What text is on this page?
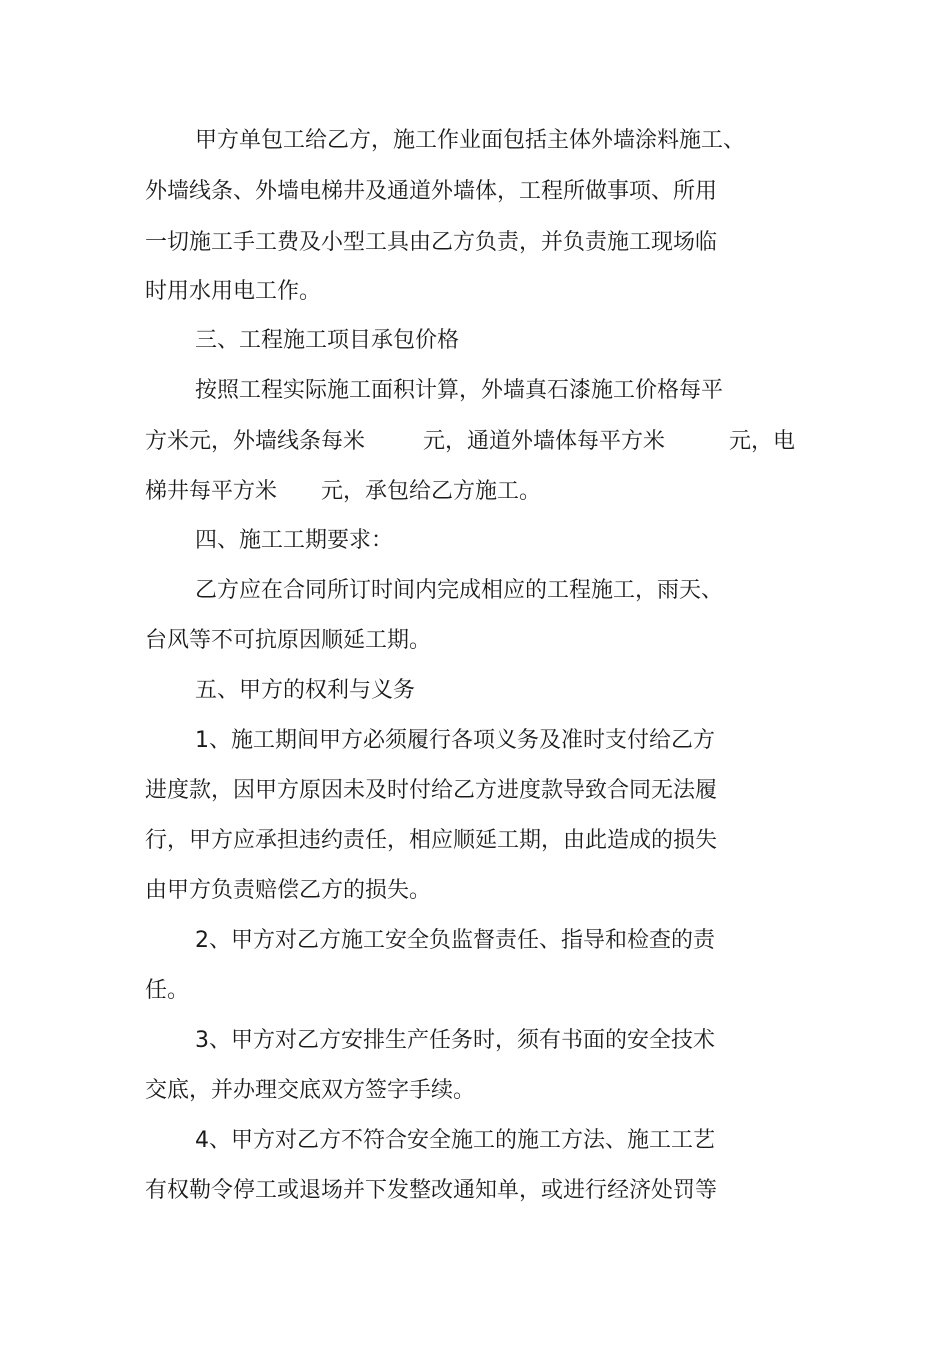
甲方单包工给乙方，施工作业面包括主体外墙涂料施工、
外墙线条、外墙电梯井及通道外墙体，工程所做事项、所用
一切施工手工费及小型工具由乙方负责，并负责施工现场临
时用水用电工作。
三、工程施工项目承包价格
按照工程实际施工面积计算，外墙真石漆施工价格每平
方米元，外墙线条每米	元，通道外墙体每平方米	元，电
梯井每平方米 元，承包给乙方施工。
四、施工工期要求：
乙方应在合同所订时间内完成相应的工程施工，雨天、
台风等不可抗原因顺延工期。
五、甲方的权利与义务
1、施工期间甲方必须履行各项义务及准时支付给乙方
进度款，因甲方原因未及时付给乙方进度款导致合同无法履
行，甲方应承担违约责任，相应顺延工期，由此造成的损失
由甲方负责赔偿乙方的损失。
2、甲方对乙方施工安全负监督责任、指导和检查的责
任。
3、甲方对乙方安排生产任务时，须有书面的安全技术
交底，并办理交底双方签字手续。
4、甲方对乙方不符合安全施工的施工方法、施工工艺
有权勒令停工或退场并下发整改通知单，或进行经济处罚等
